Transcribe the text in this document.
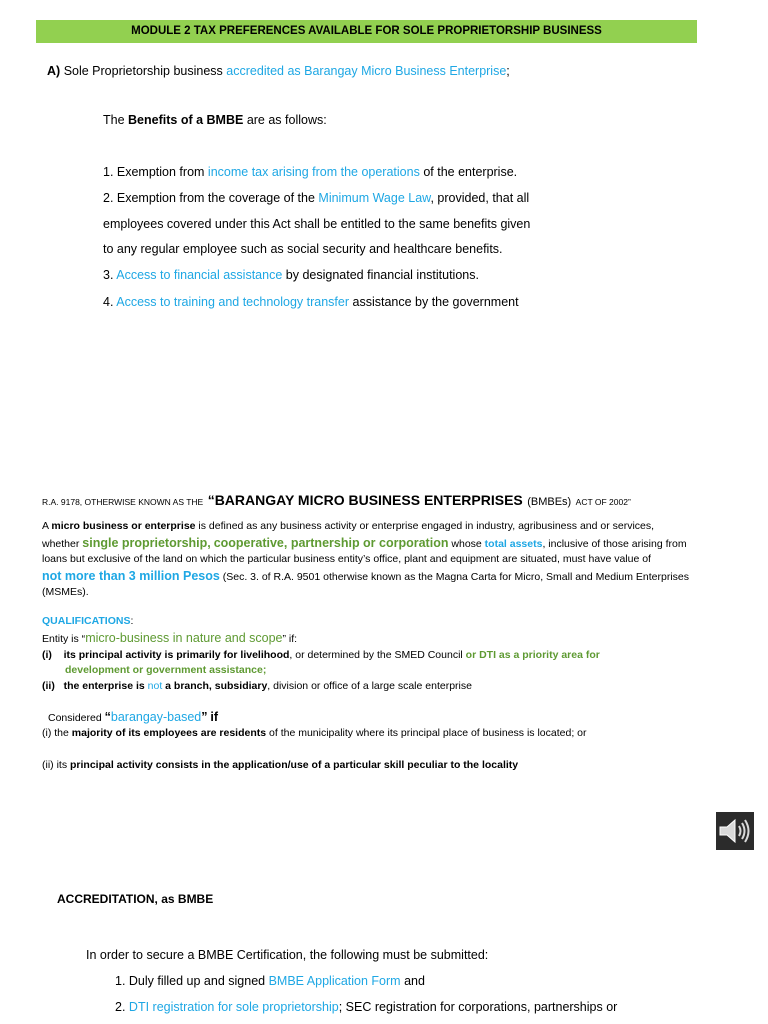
MODULE 2 TAX PREFERENCES AVAILABLE FOR SOLE PROPRIETORSHIP BUSINESS
A) Sole Proprietorship business accredited as Barangay Micro Business Enterprise;
The Benefits of a BMBE are as follows:
1. Exemption from income tax arising from the operations of the enterprise.
2. Exemption from the coverage of the Minimum Wage Law, provided, that all
employees covered under this Act shall be entitled to the same benefits given
to any regular employee such as social security and healthcare benefits.
3. Access to financial assistance by designated financial institutions.
4. Access to training and technology transfer assistance by the government
R.A. 9178, OTHERWISE KNOWN AS THE “BARANGAY MICRO BUSINESS ENTERPRISES (BMBEs) ACT OF 2002”
A micro business or enterprise is defined as any business activity or enterprise engaged in industry, agribusiness and or services,
whether single proprietorship, cooperative, partnership or corporation whose total assets, inclusive of those arising from
loans but exclusive of the land on which the particular business entity’s office, plant and equipment are situated, must have value of
not more than 3 million Pesos (Sec. 3. of R.A. 9501 otherwise known as the Magna Carta for Micro, Small and Medium Enterprises
(MSMEs).
QUALIFICATIONS:
Entity is “micro-business in nature and scope” if:
(i) its principal activity is primarily for livelihood, or determined by the SMED Council or DTI as a priority area for
development or government assistance;
(ii) the enterprise is not a branch, subsidiary, division or office of a large scale enterprise
Considered “barangay-based” if
(i) the majority of its employees are residents of the municipality where its principal place of business is located; or
(ii) its principal activity consists in the application/use of a particular skill peculiar to the locality
ACCREDITATION, as BMBE
In order to secure a BMBE Certification, the following must be submitted:
1. Duly filled up and signed BMBE Application Form and
2. DTI registration for sole proprietorship; SEC registration for corporations, partnerships or
